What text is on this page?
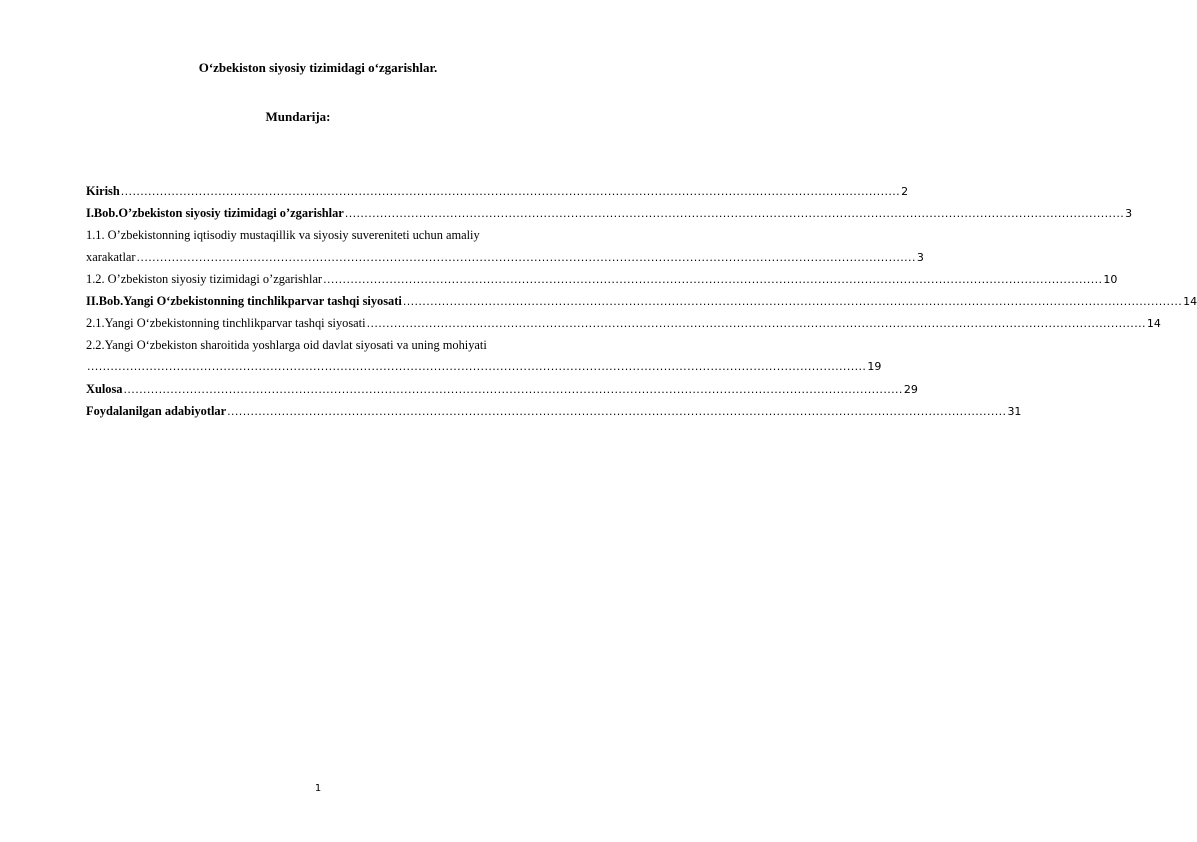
O‘zbekiston siyosiy tizimidagi o‘zgarishlar.
Mundarija:
Kirish ........................................................................................................................................................................................................ 2
I.Bob.O’zbekiston siyosiy tizimidagi o’zgarishlar ........................................................................................................................................................................................................ 3
1.1. O’zbekistonning iqtisodiy mustaqillik va siyosiy suvereniteti uchun amaliy
xarakatlar ........................................................................................................................................................................................................ 3
1.2. O’zbekiston siyosiy tizimidagi o’zgarishlar ........................................................................................................................................................................................................ 10
II.Bob.Yangi O‘zbekistonning tinchlikparvar tashqi siyosati ........................................................................................................................................................................................................ 14
2.1.Yangi O‘zbekistonning tinchlikparvar tashqi siyosati ........................................................................................................................................................................................................ 14
2.2.Yangi O‘zbekiston sharoitida yoshlarga oid davlat siyosati va uning mohiyati
........................................................................................................................................................................................................ 19
Xulosa ........................................................................................................................................................................................................ 29
Foydalanilgan adabiyotlar ........................................................................................................................................................................................................ 31
1
